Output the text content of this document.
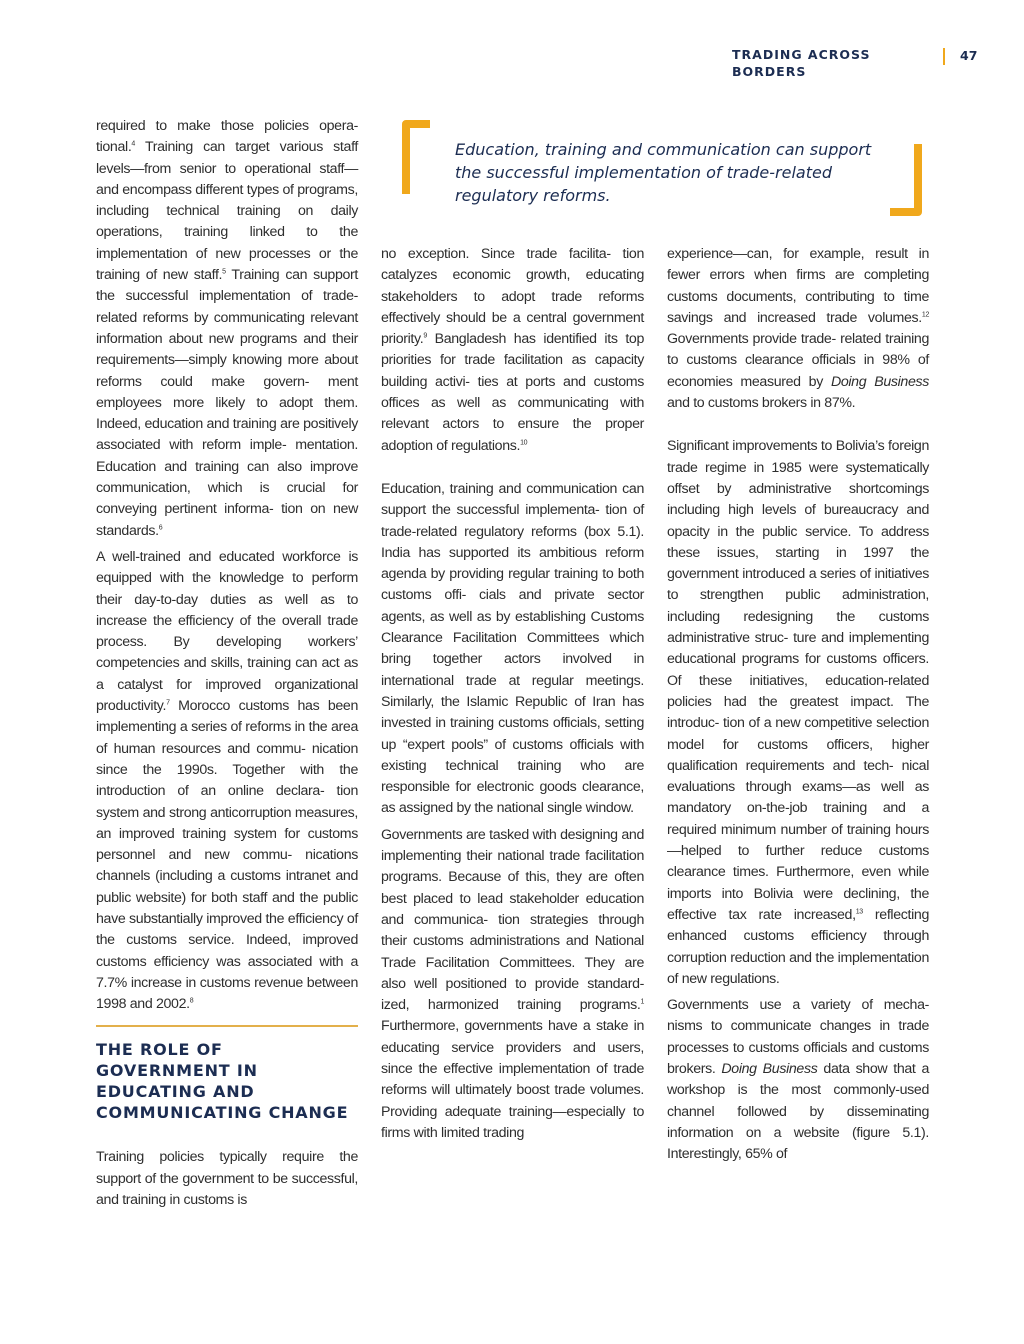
TRADING ACROSS BORDERS
47
Education, training and communication can support the successful implementation of trade-related regulatory reforms.

required to make those policies opera- tional.$^4$ Training can target various staff levels—from senior to operational staff—and encompass different types of programs, including technical training on daily operations, training linked to the implementation of new processes or the training of new staff.$^5$ Training can support the successful implementation of trade-related reforms by communicating relevant information about new programs and their requirements—simply knowing more about reforms could make govern- ment employees more likely to adopt them. Indeed, education and training are positively associated with reform imple- mentation. Education and training can also improve communication, which is crucial for conveying pertinent informa- tion on new standards.$^6$

A well-trained and educated workforce is equipped with the knowledge to perform their day-to-day duties as well as to increase the efficiency of the overall trade process. By developing workers’ competencies and skills, training can act as a catalyst for improved organizational productivity.$^7$ Morocco customs has been implementing a series of reforms in the area of human resources and commu- nication since the 1990s. Together with the introduction of an online declara- tion system and strong anticorruption measures, an improved training system for customs personnel and new commu- nications channels (including a customs intranet and public website) for both staff and the public have substantially improved the efficiency of the customs service. Indeed, improved customs efficiency was associated with a 7.7% increase in customs revenue between 1998 and 2002.$^8$

THE ROLE OF GOVERNMENT IN EDUCATING AND COMMUNICATING CHANGE

Training policies typically require the support of the government to be successful, and training in customs is

no exception. Since trade facilita- tion catalyzes economic growth, educating stakeholders to adopt trade reforms effectively should be a central government priority.$^9$ Bangladesh has identified its top priorities for trade facilitation as capacity building activi- ties at ports and customs offices as well as communicating with relevant actors to ensure the proper adoption of regulations.$^{10}$

Education, training and communication can support the successful implementa- tion of trade-related regulatory reforms (box 5.1). India has supported its ambitious reform agenda by providing regular training to both customs offi- cials and private sector agents, as well as by establishing Customs Clearance Facilitation Committees which bring together actors involved in international trade at regular meetings. Similarly, the Islamic Republic of Iran has invested in training customs officials, setting up “expert pools” of customs officials with existing technical training who are responsible for electronic goods clearance, as assigned by the national single window.

Governments are tasked with designing and implementing their national trade facilitation programs. Because of this, they are often best placed to lead stakeholder education and communica- tion strategies through their customs administrations and National Trade Facilitation Committees. They are also well positioned to provide standard- ized, harmonized training programs.$^1$ Furthermore, governments have a stake in educating service providers and users, since the effective implementation of trade reforms will ultimately boost trade volumes. Providing adequate training—especially to firms with limited trading

experience—can, for example, result in fewer errors when firms are completing customs documents, contributing to time savings and increased trade volumes.$^{12}$ Governments provide trade- related training to customs clearance officials in 98% of economies measured by Doing Business and to customs brokers in 87%.

Significant improvements to Bolivia’s foreign trade regime in 1985 were systematically offset by administrative shortcomings including high levels of bureaucracy and opacity in the public service. To address these issues, starting in 1997 the government introduced a series of initiatives to strengthen public administration, including redesigning the customs administrative struc- ture and implementing educational programs for customs officers. Of these initiatives, education-related policies had the greatest impact. The introduc- tion of a new competitive selection model for customs officers, higher qualification requirements and tech- nical evaluations through exams—as well as mandatory on-the-job training and a required minimum number of training hours—helped to further reduce customs clearance times. Furthermore, even while imports into Bolivia were declining, the effective tax rate increased,$^{13}$ reflecting enhanced customs efficiency through corruption reduction and the implementation of new regulations.

Governments use a variety of mecha- nisms to communicate changes in trade processes to customs officials and customs brokers. Doing Business data show that a workshop is the most commonly-used channel followed by disseminating information on a website (figure 5.1). Interestingly, 65% of
